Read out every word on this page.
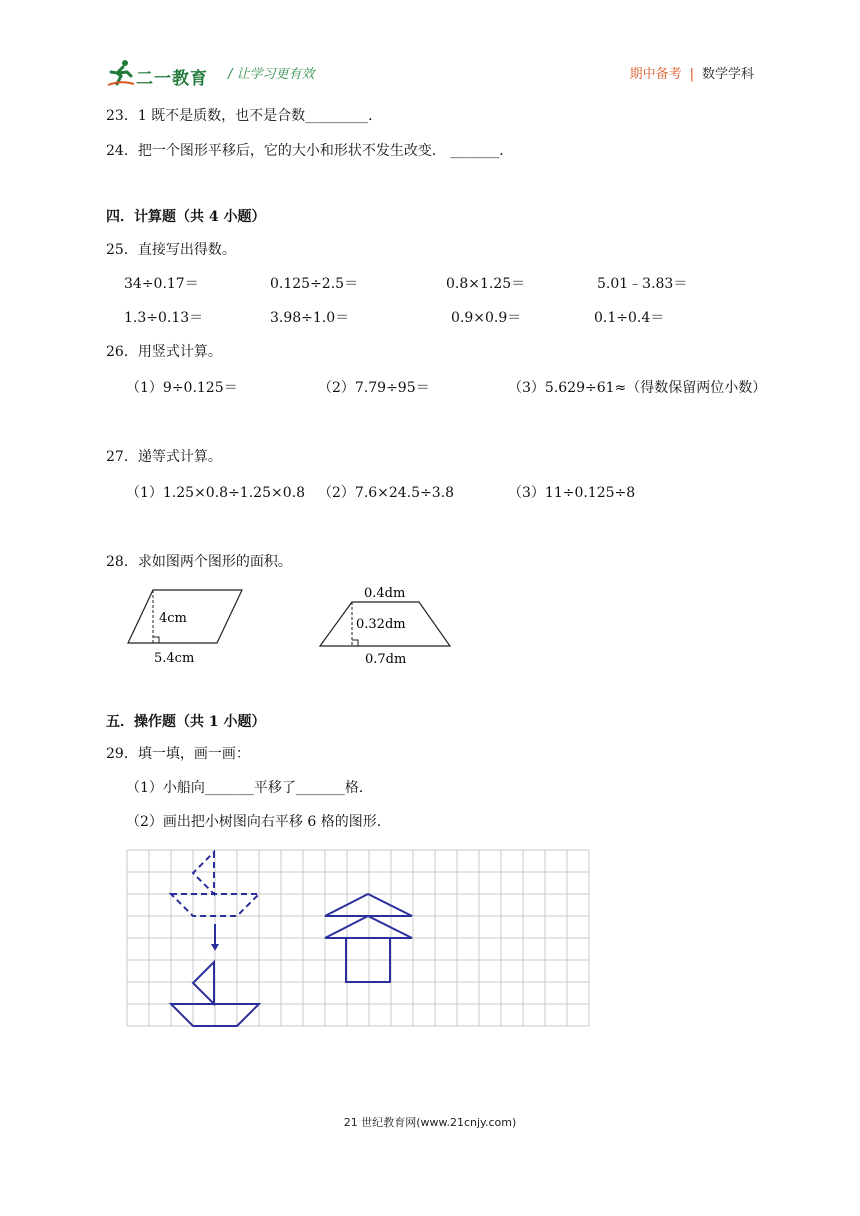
二一教育 / 让学习更有效	期中备考 | 数学学科
23．1 既不是质数，也不是合数_________．
24．把一个图形平移后，它的大小和形状不发生改变． _______．
四．计算题（共 4 小题）
25．直接写出得数。
34÷0.17＝	0.125÷2.5＝	0.8×1.25＝	5.01﹣3.83＝
1.3÷0.13＝	3.98÷1.0＝	0.9×0.9＝	0.1÷0.4＝
26．用竖式计算。
（1）9÷0.125＝	（2）7.79÷95＝	（3）5.629÷61≈（得数保留两位小数）
27．递等式计算。
（1）1.25×0.8÷1.25×0.8 （2）7.6×24.5÷3.8	（3）11÷0.125÷8
28．求如图两个图形的面积。
4cm
5.4cm
0.4dm
0.32dm
0.7dm
五．操作题（共 1 小题）
29．填一填，画一画：
（1）小船向_______平移了_______格．
（2）画出把小树图向右平移 6 格的图形．
21 世纪教育网(www.21cnjy.com)
